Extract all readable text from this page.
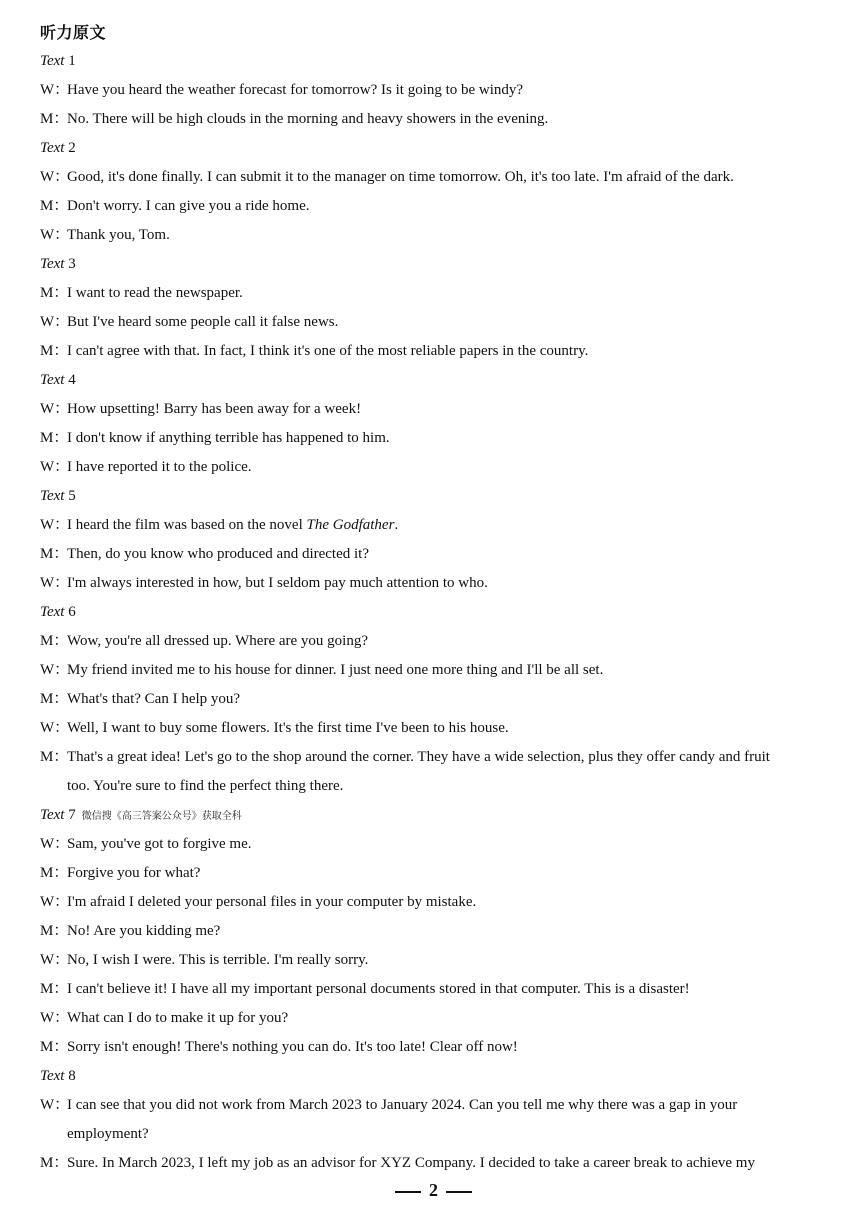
听力原文
Text 1
W：Have you heard the weather forecast for tomorrow? Is it going to be windy?
M：No. There will be high clouds in the morning and heavy showers in the evening.
Text 2
W：Good, it's done finally. I can submit it to the manager on time tomorrow. Oh, it's too late. I'm afraid of the dark.
M：Don't worry. I can give you a ride home.
W：Thank you, Tom.
Text 3
M：I want to read the newspaper.
W：But I've heard some people call it false news.
M：I can't agree with that. In fact, I think it's one of the most reliable papers in the country.
Text 4
W：How upsetting! Barry has been away for a week!
M：I don't know if anything terrible has happened to him.
W：I have reported it to the police.
Text 5
W：I heard the film was based on the novel The Godfather.
M：Then, do you know who produced and directed it?
W：I'm always interested in how, but I seldom pay much attention to who.
Text 6
M：Wow, you're all dressed up. Where are you going?
W：My friend invited me to his house for dinner. I just need one more thing and I'll be all set.
M：What's that? Can I help you?
W：Well, I want to buy some flowers. It's the first time I've been to his house.
M：That's a great idea! Let's go to the shop around the corner. They have a wide selection, plus they offer candy and fruit
too. You're sure to find the perfect thing there.
Text 7 微信搜《高三答案公众号》获取全科
W：Sam, you've got to forgive me.
M：Forgive you for what?
W：I'm afraid I deleted your personal files in your computer by mistake.
M：No! Are you kidding me?
W：No, I wish I were. This is terrible. I'm really sorry.
M：I can't believe it! I have all my important personal documents stored in that computer. This is a disaster!
W：What can I do to make it up for you?
M：Sorry isn't enough! There's nothing you can do. It's too late! Clear off now!
Text 8
W：I can see that you did not work from March 2023 to January 2024. Can you tell me why there was a gap in your
employment?
M：Sure. In March 2023, I left my job as an advisor for XYZ Company. I decided to take a career break to achieve my
2
